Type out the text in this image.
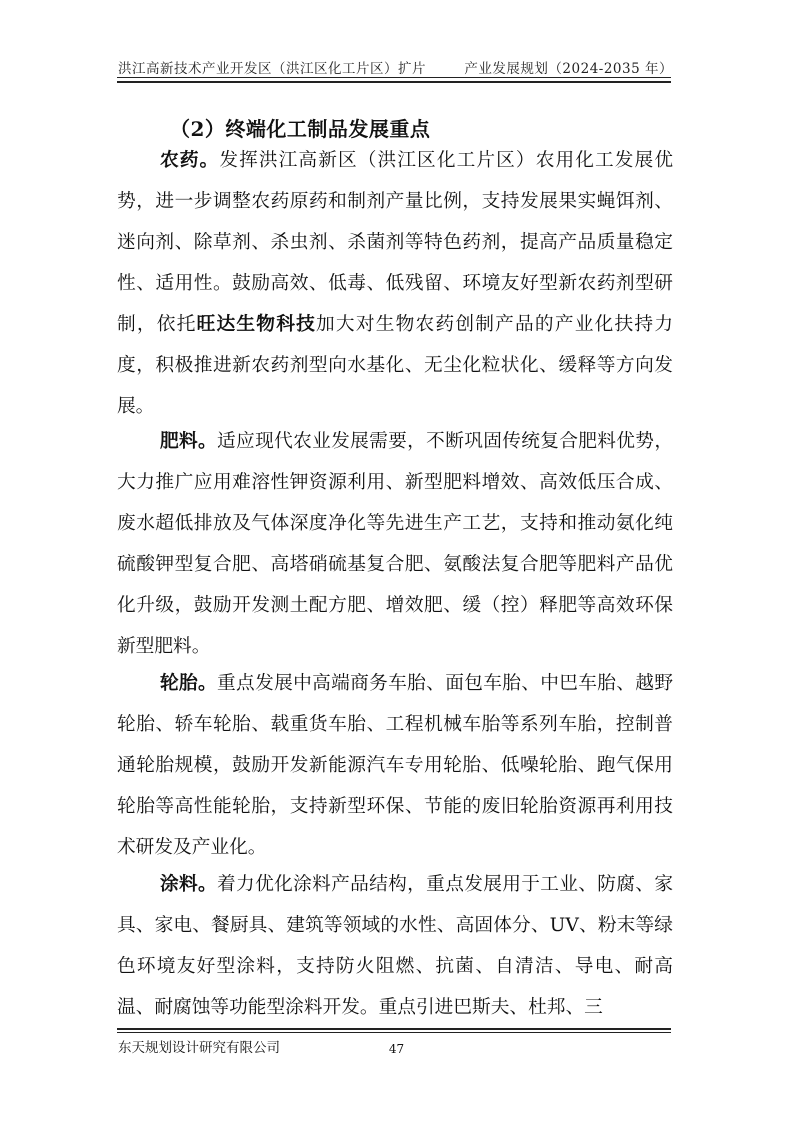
洪江高新技术产业开发区（洪江区化工片区）扩片	产业发展规划（2024-2035 年）
（2）终端化工制品发展重点

农药。发挥洪江高新区（洪江区化工片区）农用化工发展优势，进一步调整农药原药和制剂产量比例，支持发展果实蝇饵剂、迷向剂、除草剂、杀虫剂、杀菌剂等特色药剂，提高产品质量稳定性、适用性。鼓励高效、低毒、低残留、环境友好型新农药剂型研制，依托旺达生物科技加大对生物农药创制产品的产业化扶持力度，积极推进新农药剂型向水基化、无尘化粒状化、缓释等方向发展。

肥料。适应现代农业发展需要，不断巩固传统复合肥料优势，大力推广应用难溶性钾资源利用、新型肥料增效、高效低压合成、废水超低排放及气体深度净化等先进生产工艺，支持和推动氨化纯硫酸钾型复合肥、高塔硝硫基复合肥、氨酸法复合肥等肥料产品优化升级，鼓励开发测土配方肥、增效肥、缓（控）释肥等高效环保新型肥料。

轮胎。重点发展中高端商务车胎、面包车胎、中巴车胎、越野轮胎、轿车轮胎、载重货车胎、工程机械车胎等系列车胎，控制普通轮胎规模，鼓励开发新能源汽车专用轮胎、低噪轮胎、跑气保用轮胎等高性能轮胎，支持新型环保、节能的废旧轮胎资源再利用技术研发及产业化。

涂料。着力优化涂料产品结构，重点发展用于工业、防腐、家具、家电、餐厨具、建筑等领域的水性、高固体分、UV、粉末等绿色环境友好型涂料，支持防火阻燃、抗菌、自清洁、导电、耐高温、耐腐蚀等功能型涂料开发。重点引进巴斯夫、杜邦、三

东天规划设计研究有限公司	47
